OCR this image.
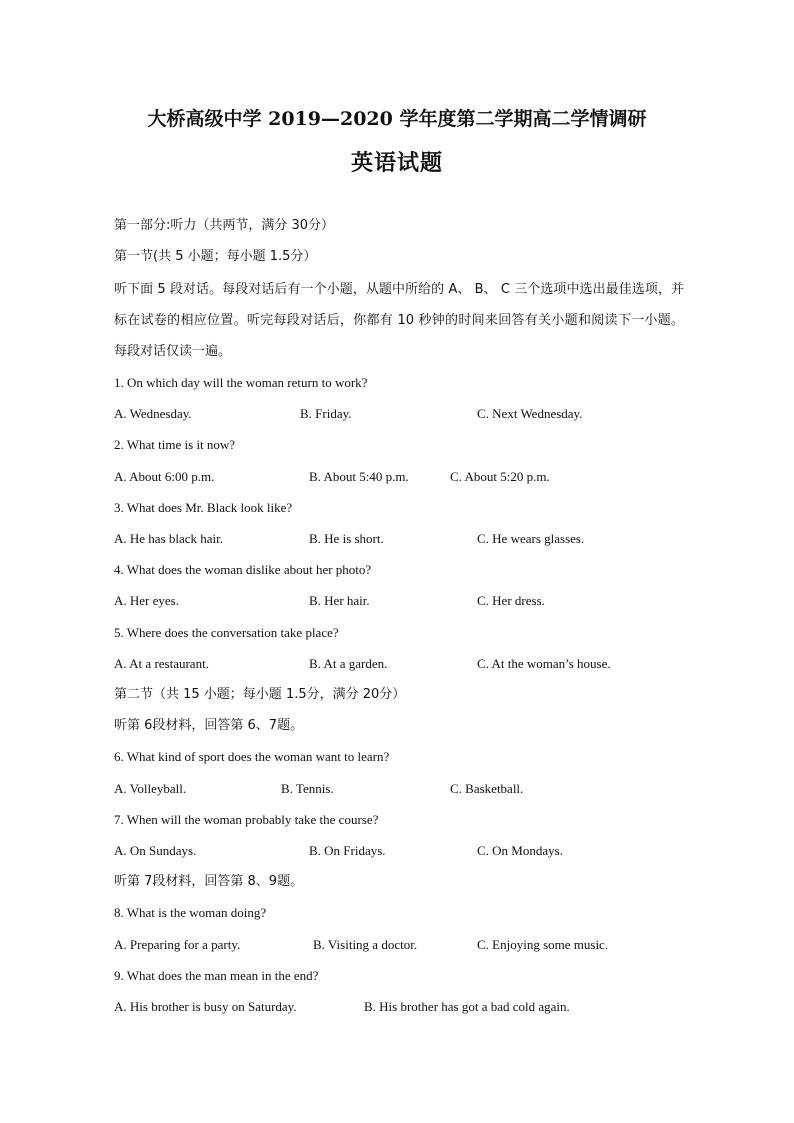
大桥高级中学 2019—2020 学年度第二学期高二学情调研
英语试题
第一部分:听力（共两节，满分 30分）
第一节(共 5 小题；每小题 1.5分）
听下面 5 段对话。每段对话后有一个小题，从题中所给的 A、 B、 C 三个选项中选出最佳选项，并标在试卷的相应位置。听完每段对话后，你都有 10 秒钟的时间来回答有关小题和阅读下一小题。每段对话仅读一遍。
1. On which day will the woman return to work?
A. Wednesday.	B. Friday.	C. Next Wednesday.
2. What time is it now?
A. About 6:00 p.m.	B. About 5:40 p.m.	C. About 5:20 p.m.
3. What does Mr. Black look like?
A. He has black hair.	B. He is short.	C. He wears glasses.
4. What does the woman dislike about her photo?
A. Her eyes.	B. Her hair.	C. Her dress.
5. Where does the conversation take place?
A. At a restaurant.	B. At a garden.	C. At the woman’s house.
第二节（共 15 小题；每小题 1.5分，满分 20分）
听第 6段材料，回答第 6、7题。
6. What kind of sport does the woman want to learn?
A. Volleyball.	B. Tennis.	C. Basketball.
7. When will the woman probably take the course?
A. On Sundays.	B. On Fridays.	C. On Mondays.
听第 7段材料，回答第 8、9题。
8. What is the woman doing?
A. Preparing for a party.	B. Visiting a doctor.	C. Enjoying some music.
9. What does the man mean in the end?
A. His brother is busy on Saturday.	B. His brother has got a bad cold again.
